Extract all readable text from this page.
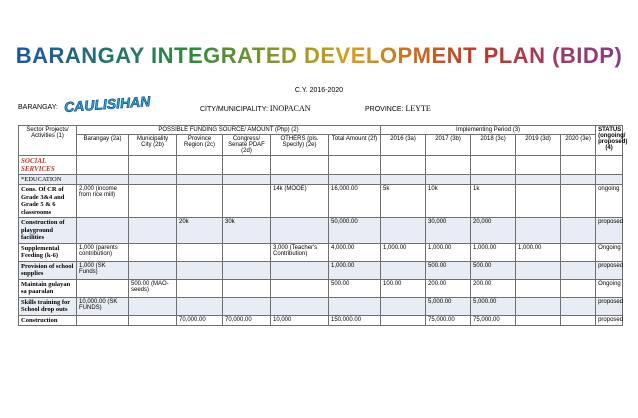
BARANGAY INTEGRATED DEVELOPMENT PLAN (BIDP)
C.Y. 2016-2020
BARANGAY: CAULISIHAN	CITY/MUNICIPALITY: INOPACAN	PROVINCE: LEYTE
Sector Projects/ Activities (1)	POSSIBLE FUNDING SOURCE/ AMOUNT (Php) (2)						Implementing Period (3)					STATUS (ongoing/ proposed) (4)
	Barangay (2a)	Municipality City (2b)	Province Region (2c)	Congress/ Senate PDAF (2d)	OTHERS (pls. Specify) (2e)	Total Amount (2f)	2016 (3a)	2017 (3b)	2018 (3c)	2019 (3d)	2020 (3e)	
SOCIAL SERVICES												
*EDUCATION												
Cons. Of CR of Grade 3&4 and Grade 5 & 6 classrooms	2,000 (income from rice mill)				14k (MOOE)	16,000.00	5k	10k	1k			ongoing
Construction of playground facilities			20k	30k		50,000.00		30,000	20,000			proposed
Supplemental Feeding (k-6)	1,000 (parents contribution)				3,000 (Teacher's Contribution)	4,000.00	1,000.00	1,000.00	1,000.00	1,000.00		Ongoing
Provision of school supplies	1,000 (SK Funds)					1,000.00		500.00	500.00			proposed
Maintain gulayan sa paaralan		500.00 (MAO-seeds)				500.00	100.00	200.00	200.00			Ongoing
Skills training for School drop outs	10,000.00 (SK FUNDS)							5,000.00	5,000.00			proposed
Construction			70,000.00	70,000.00	10,000	150,000.00		75,000.00	75,000.00			proposed
